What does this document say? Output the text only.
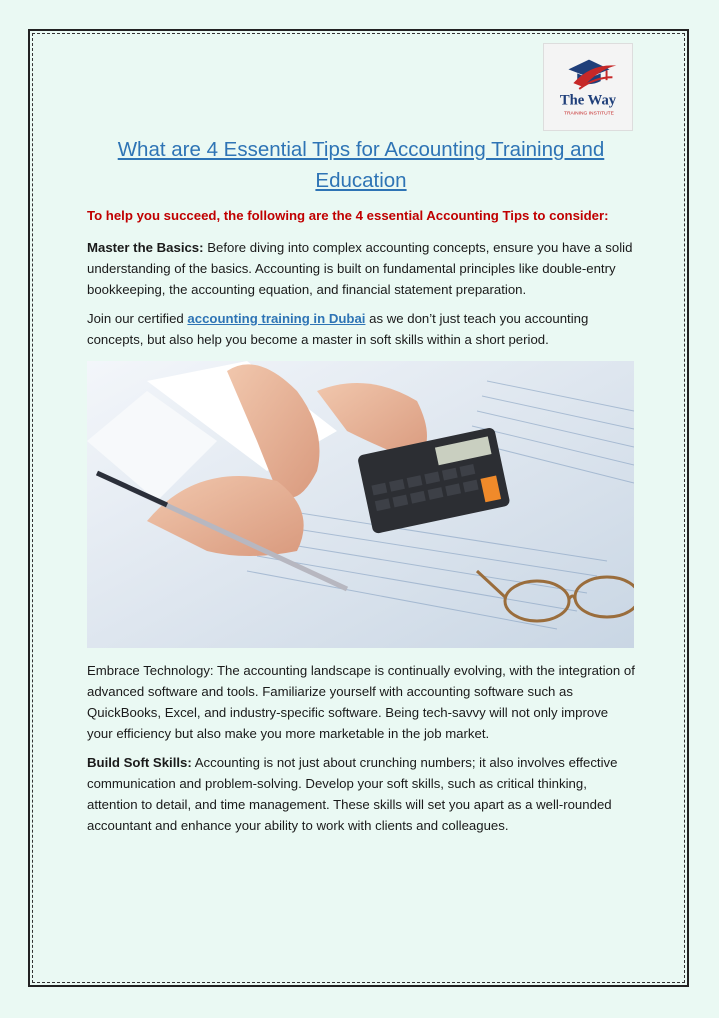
The Way
TRAINING INSTITUTE
What are 4 Essential Tips for Accounting Training and Education
To help you succeed, the following are the 4 essential Accounting Tips to consider:

Master the Basics: Before diving into complex accounting concepts, ensure you have a solid understanding of the basics. Accounting is built on fundamental principles like double-entry bookkeeping, the accounting equation, and financial statement preparation.

Join our certified accounting training in Dubai as we don’t just teach you accounting concepts, but also help you become a master in soft skills within a short period.

Embrace Technology: The accounting landscape is continually evolving, with the integration of advanced software and tools. Familiarize yourself with accounting software such as QuickBooks, Excel, and industry-specific software. Being tech-savvy will not only improve your efficiency but also make you more marketable in the job market.

Build Soft Skills: Accounting is not just about crunching numbers; it also involves effective communication and problem-solving. Develop your soft skills, such as critical thinking, attention to detail, and time management. These skills will set you apart as a well-rounded accountant and enhance your ability to work with clients and colleagues.
